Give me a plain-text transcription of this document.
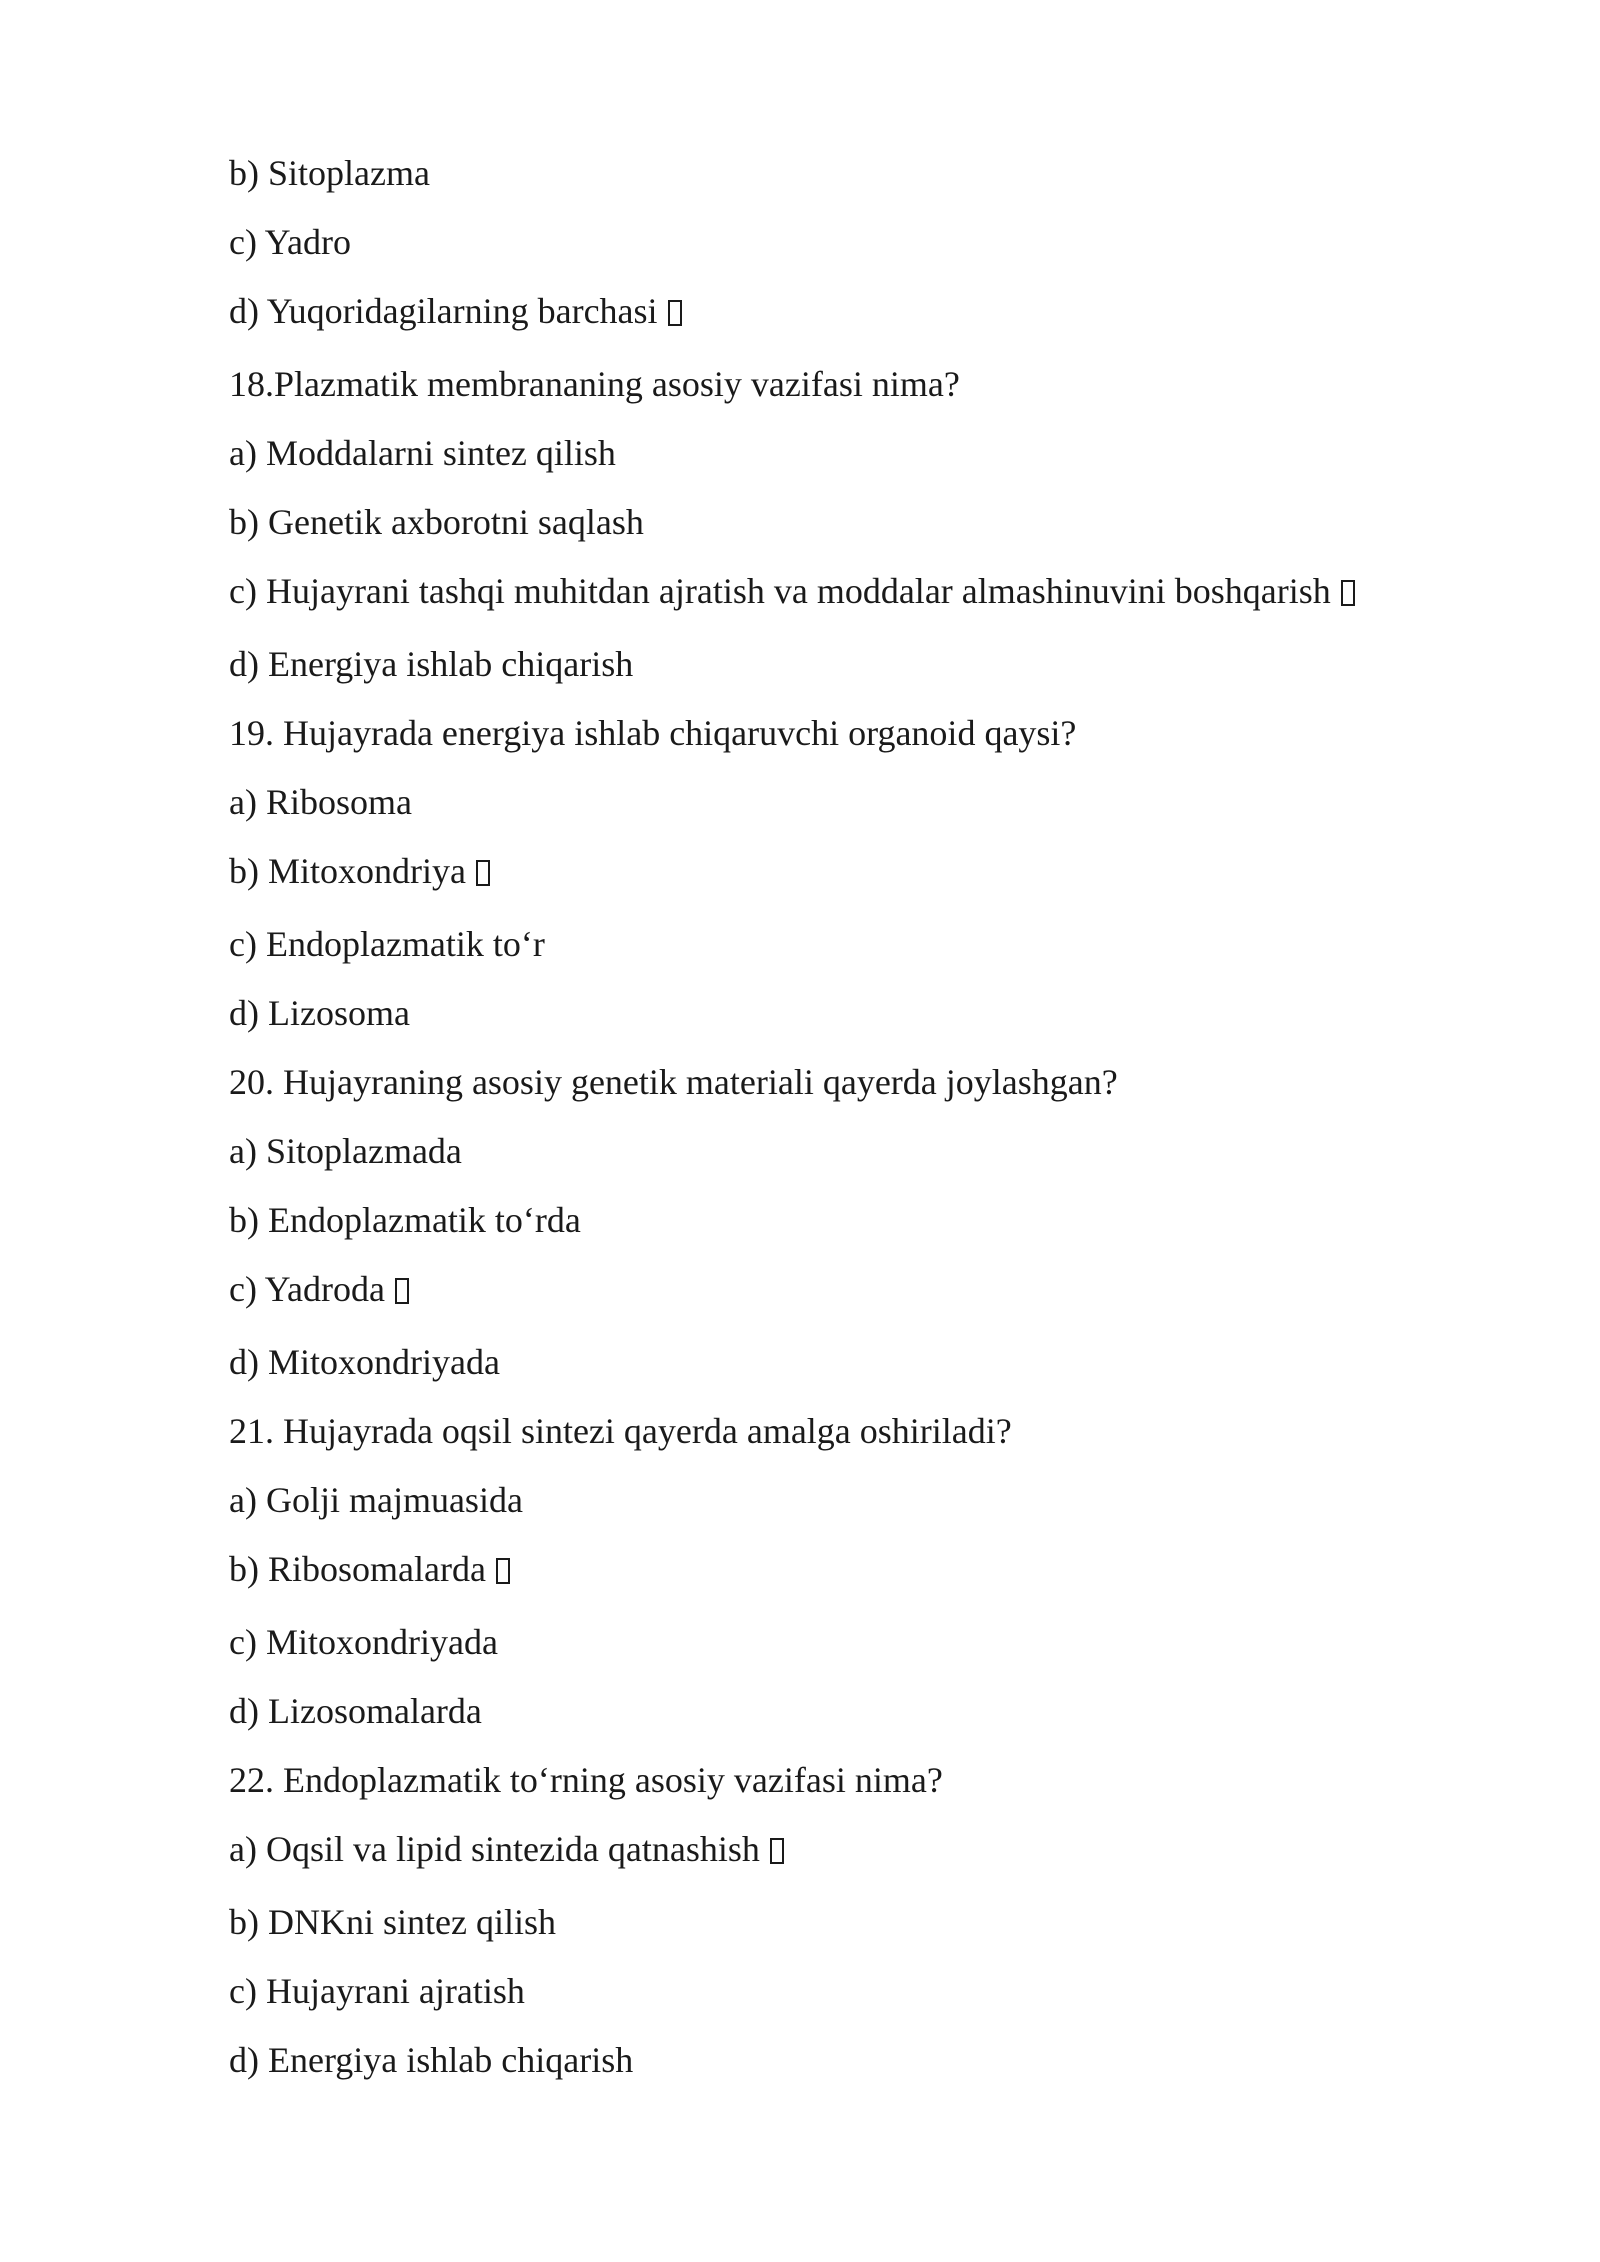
b) Sitoplazma
c) Yadro
d) Yuqoridagilarning barchasi
18.Plazmatik membrananing asosiy vazifasi nima?
a) Moddalarni sintez qilish
b) Genetik axborotni saqlash
c) Hujayrani tashqi muhitdan ajratish va moddalar almashinuvini boshqarish
d) Energiya ishlab chiqarish
19. Hujayrada energiya ishlab chiqaruvchi organoid qaysi?
a) Ribosoma
b) Mitoxondriya
c) Endoplazmatik to‘r
d) Lizosoma
20. Hujayraning asosiy genetik materiali qayerda joylashgan?
a) Sitoplazmada
b) Endoplazmatik to‘rda
c) Yadroda
d) Mitoxondriyada
21. Hujayrada oqsil sintezi qayerda amalga oshiriladi?
a) Golji majmuasida
b) Ribosomalarda
c) Mitoxondriyada
d) Lizosomalarda
22. Endoplazmatik to‘rning asosiy vazifasi nima?
a) Oqsil va lipid sintezida qatnashish
b) DNKni sintez qilish
c) Hujayrani ajratish
d) Energiya ishlab chiqarish
